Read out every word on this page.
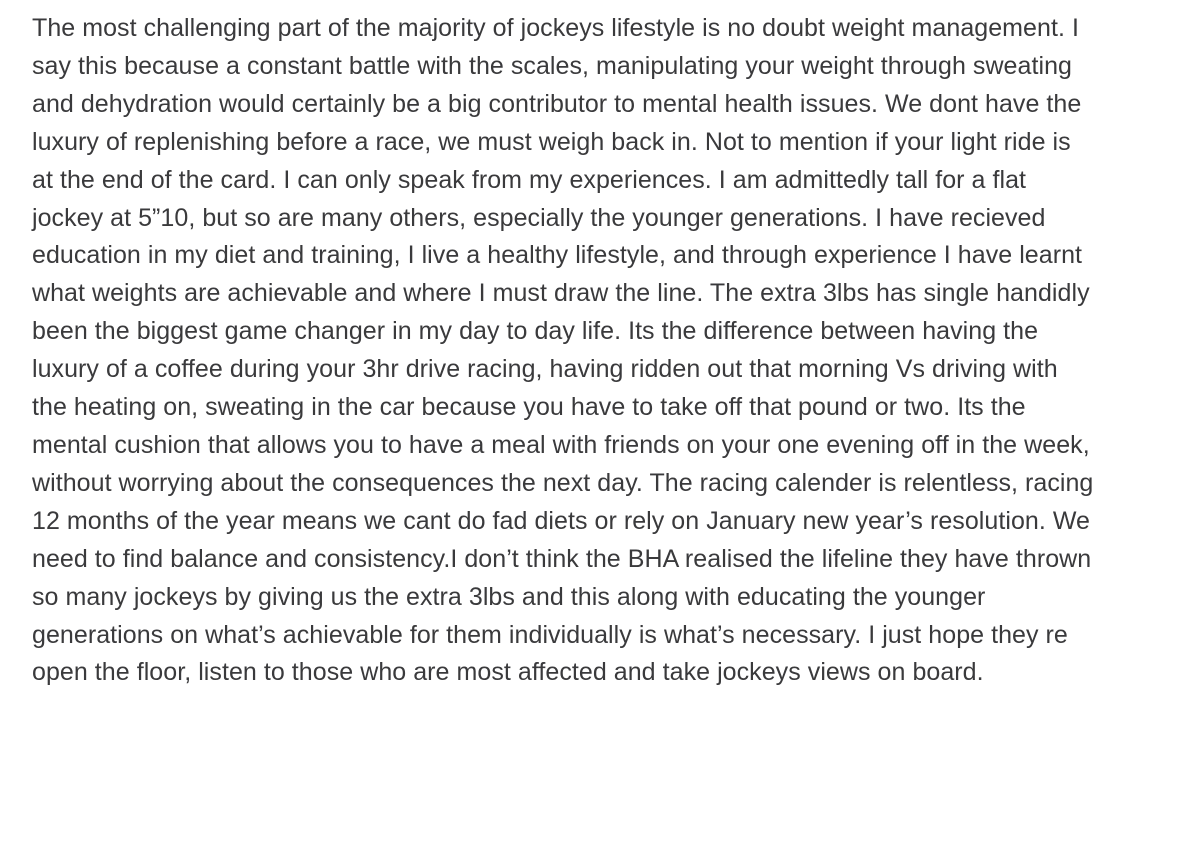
The most challenging part of the majority of jockeys lifestyle is no doubt weight management. I
say this because a constant battle with the scales, manipulating your weight through sweating
and dehydration would certainly be a big contributor to mental health issues. We dont have the
luxury of replenishing before a race, we must weigh back in. Not to mention if your light ride is
at the end of the card. I can only speak from my experiences. I am admittedly tall for a flat
jockey at 5”10, but so are many others, especially the younger generations. I have recieved
education in my diet and training, I live a healthy lifestyle, and through experience I have learnt
what weights are achievable and where I must draw the line. The extra 3lbs has single handidly
been the biggest game changer in my day to day life. Its the difference between having the
luxury of a coffee during your 3hr drive racing, having ridden out that morning Vs driving with
the heating on, sweating in the car because you have to take off that pound or two. Its the
mental cushion that allows you to have a meal with friends on your one evening off in the week,
without worrying about the consequences the next day. The racing calender is relentless, racing
12 months of the year means we cant do fad diets or rely on January new year’s resolution. We
need to find balance and consistency.I don’t think the BHA realised the lifeline they have thrown
so many jockeys by giving us the extra 3lbs and this along with educating the younger
generations on what’s achievable for them individually is what’s necessary. I just hope they re
open the floor, listen to those who are most affected and take jockeys views on board.
